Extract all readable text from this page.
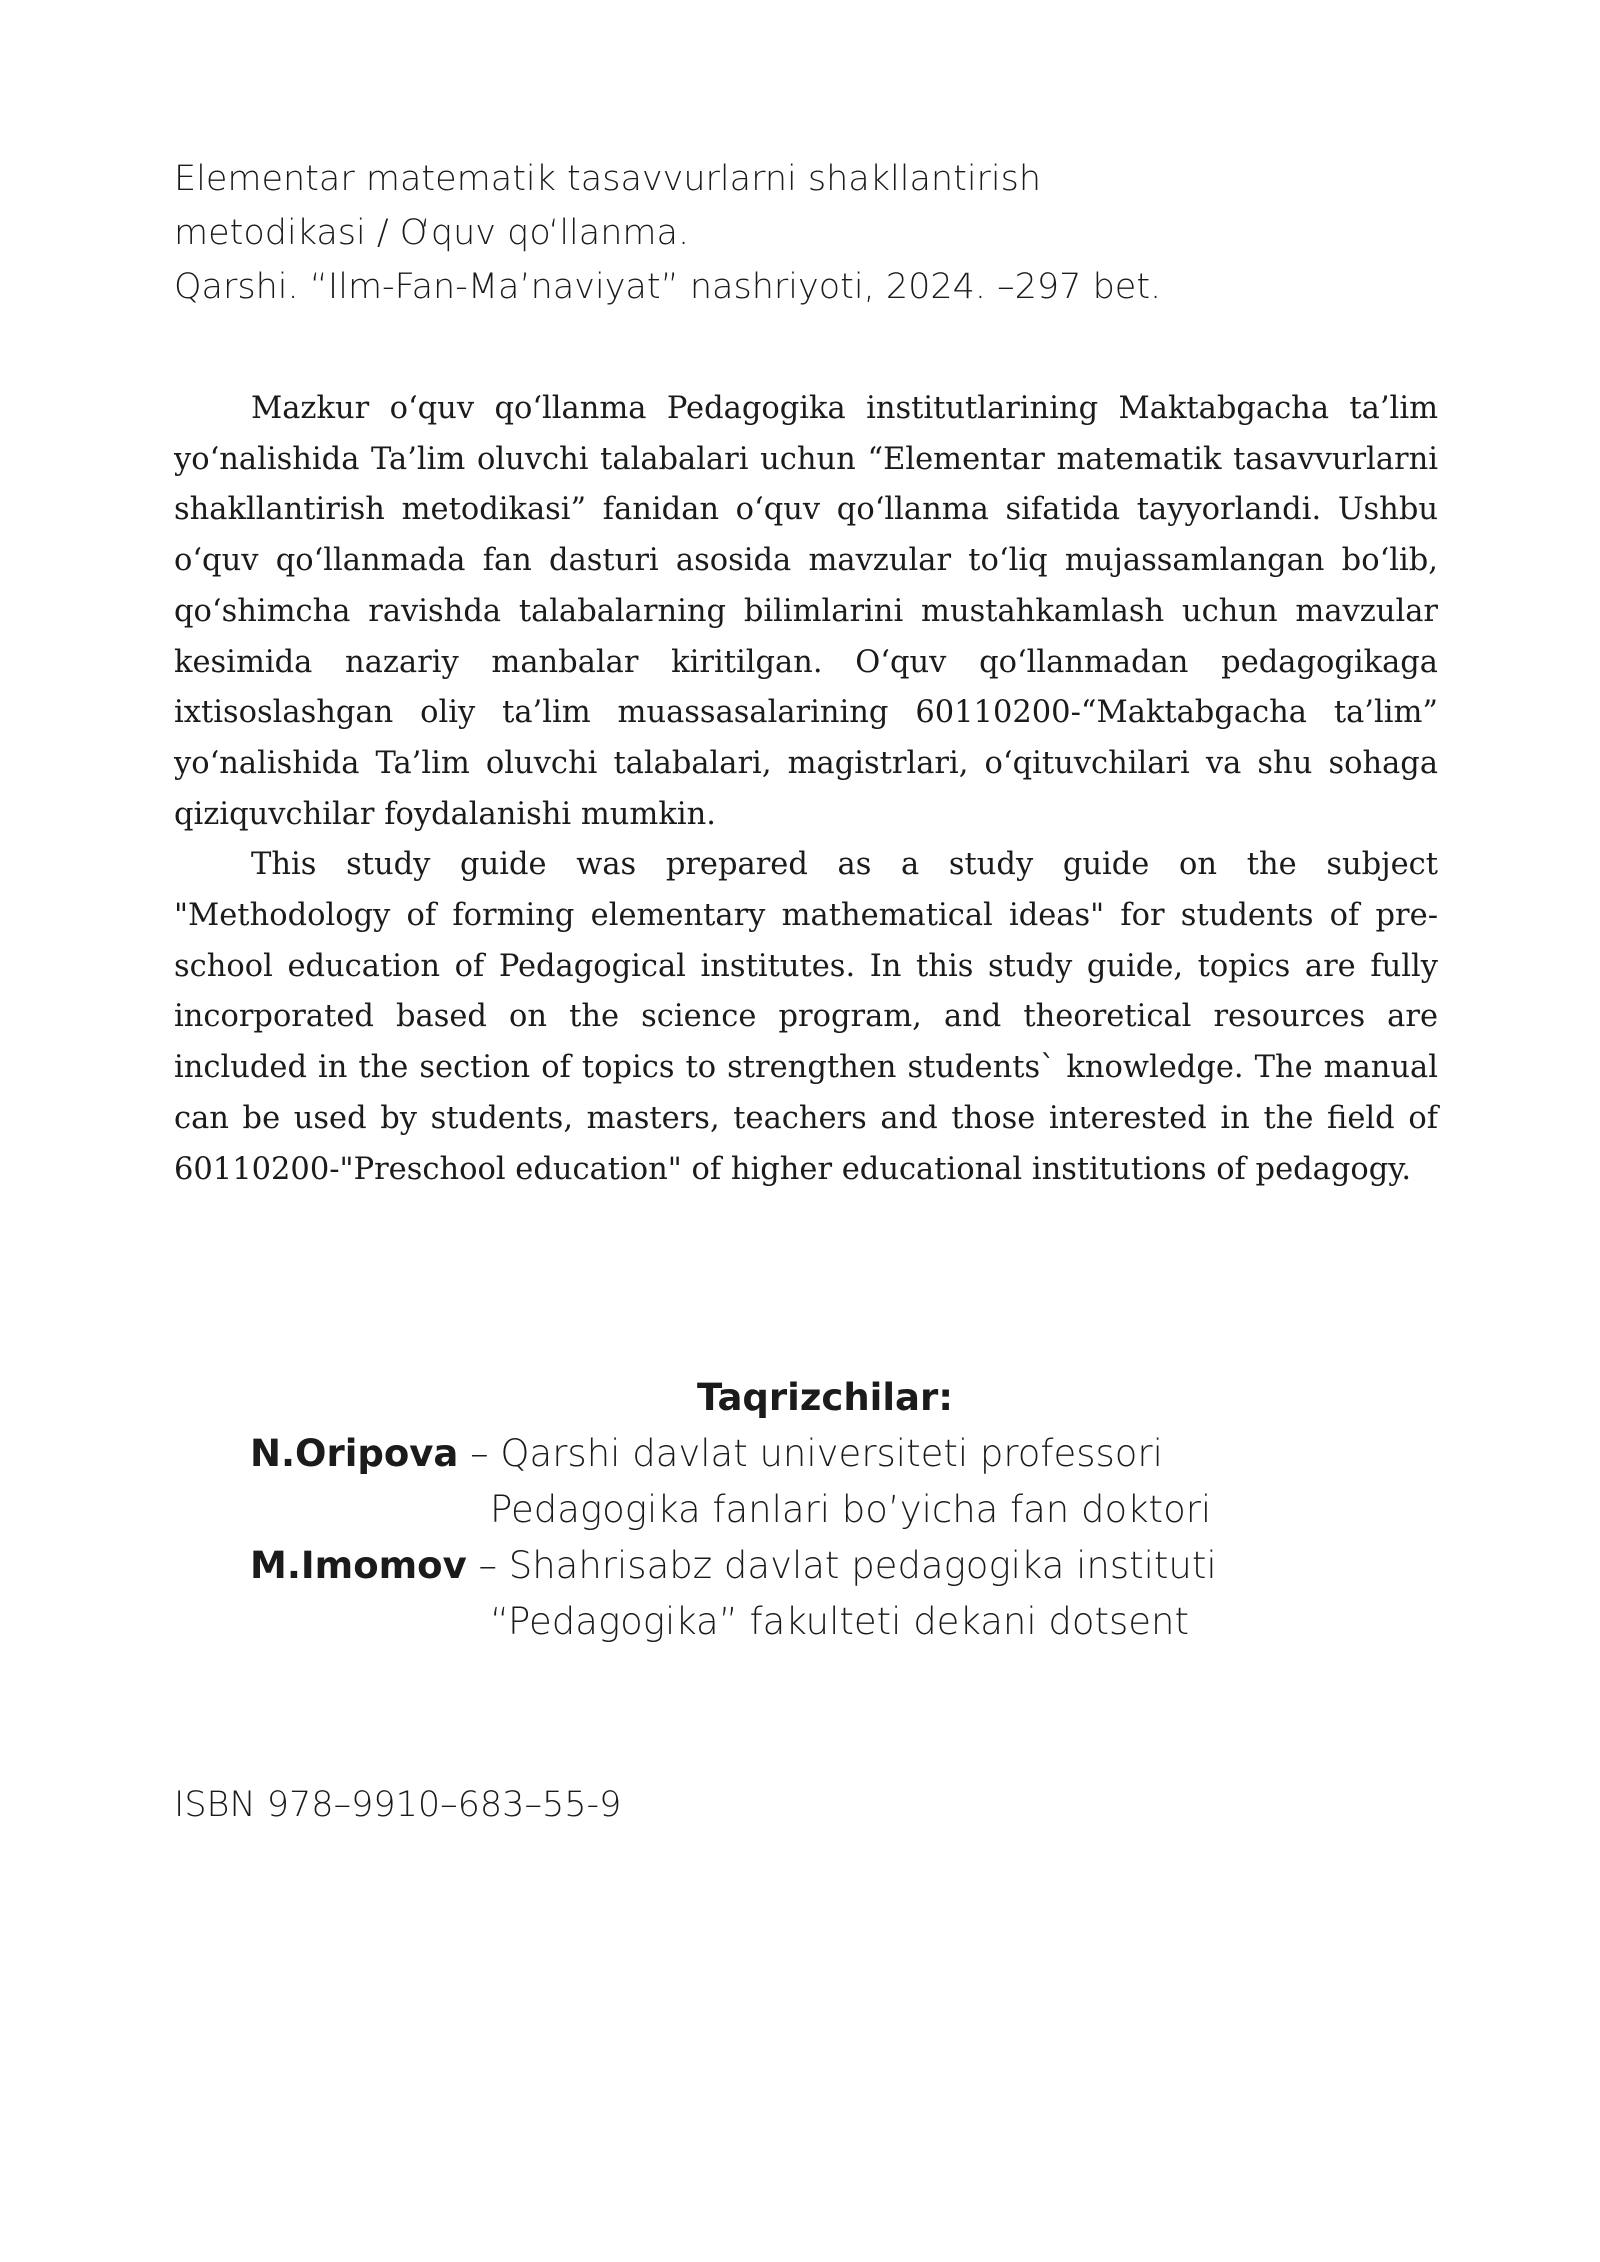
Elementar matematik tasavvurlarni shakllantirish
metodikasi / O‘quv qo‘llanma.
Qarshi. “Ilm-Fan-Ma’naviyat” nashriyoti, 2024. –297 bet.

Mazkur o‘quv qo‘llanma Pedagogika institutlarining Maktabgacha ta’lim yo‘nalishida Ta’lim oluvchi talabalari uchun “Elementar matematik tasavvurlarni shakllantirish metodikasi” fanidan o‘quv qo‘llanma sifatida tayyorlandi. Ushbu o‘quv qo‘llanmada fan dasturi asosida mavzular to‘liq mujassamlangan bo‘lib, qo‘shimcha ravishda talabalarning bilimlarini mustahkamlash uchun mavzular kesimida nazariy manbalar kiritilgan. O‘quv qo‘llanmadan pedagogikaga ixtisoslashgan oliy ta’lim muassasalarining 60110200-“Maktabgacha ta’lim” yo‘nalishida Ta’lim oluvchi talabalari, magistrlari, o‘qituvchilari va shu sohaga qiziquvchilar foydalanishi mumkin.

This study guide was prepared as a study guide on the subject "Methodology of forming elementary mathematical ideas" for students of pre-school education of Pedagogical institutes. In this study guide, topics are fully incorporated based on the science program, and theoretical resources are included in the section of topics to strengthen students` knowledge. The manual can be used by students, masters, teachers and those interested in the field of 60110200-"Preschool education" of higher educational institutions of pedagogy.

Taqrizchilar:
N.Oripova – Qarshi davlat universiteti professori
Pedagogika fanlari bo’yicha fan doktori
M.Imomov – Shahrisabz davlat pedagogika instituti
“Pedagogika” fakulteti dekani dotsent
ISBN 978–9910–683–55-9
